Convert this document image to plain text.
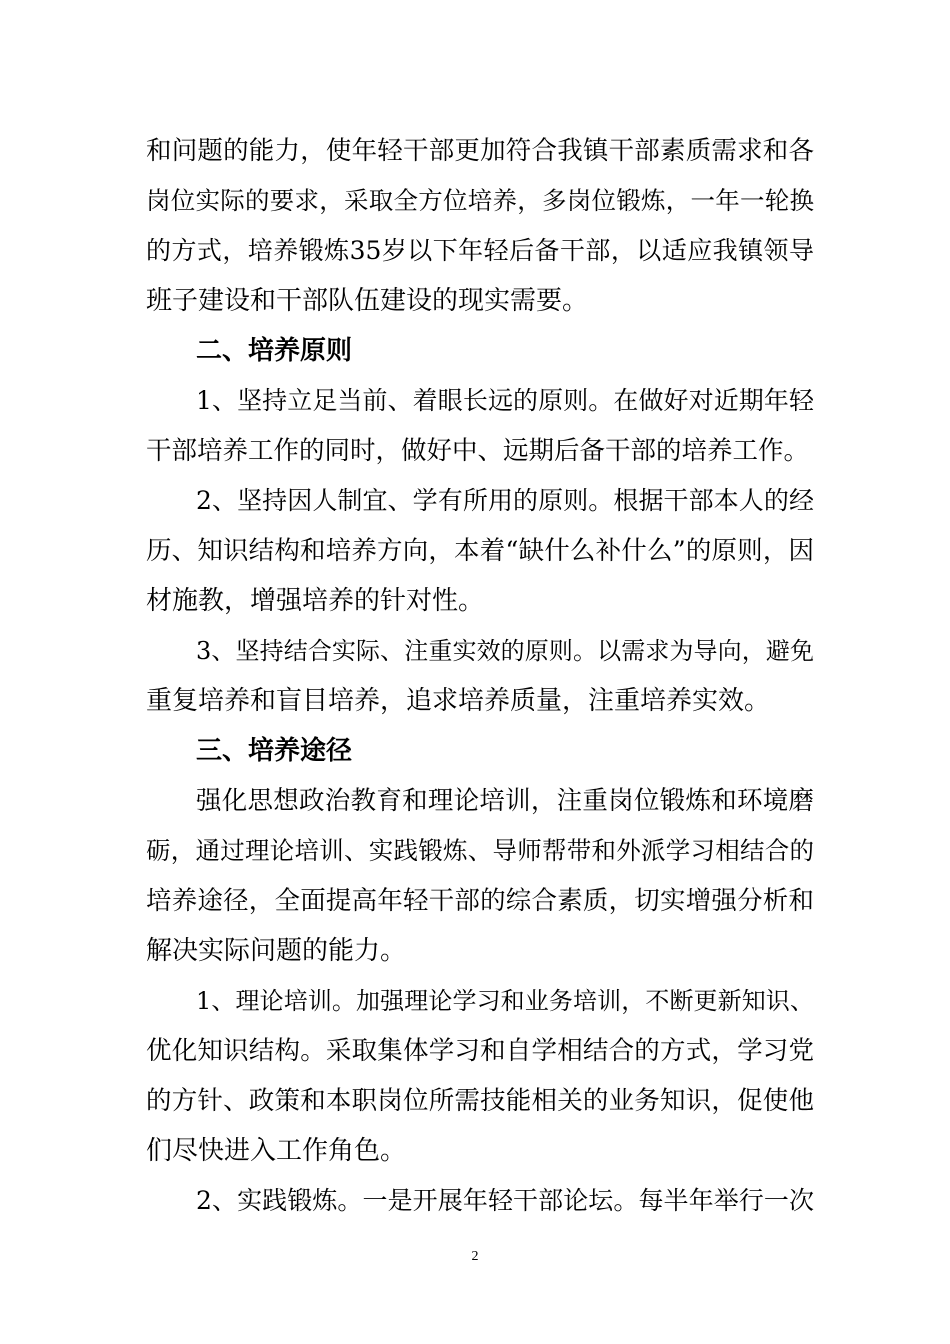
和问题的能力，使年轻干部更加符合我镇干部素质需求和各
岗位实际的要求，采取全方位培养，多岗位锻炼，一年一轮换
的方式，培养锻炼35岁以下年轻后备干部，以适应我镇领导
班子建设和干部队伍建设的现实需要。
二、培养原则
1、坚持立足当前、着眼长远的原则。在做好对近期年轻
干部培养工作的同时，做好中、远期后备干部的培养工作。
2、坚持因人制宜、学有所用的原则。根据干部本人的经
历、知识结构和培养方向，本着“缺什么补什么”的原则，因
材施教，增强培养的针对性。
3、坚持结合实际、注重实效的原则。以需求为导向，避免
重复培养和盲目培养，追求培养质量，注重培养实效。
三、培养途径
强化思想政治教育和理论培训，注重岗位锻炼和环境磨
砺，通过理论培训、实践锻炼、导师帮带和外派学习相结合的
培养途径，全面提高年轻干部的综合素质，切实增强分析和
解决实际问题的能力。
1、理论培训。加强理论学习和业务培训，不断更新知识、
优化知识结构。采取集体学习和自学相结合的方式，学习党
的方针、政策和本职岗位所需技能相关的业务知识，促使他
们尽快进入工作角色。
2、实践锻炼。一是开展年轻干部论坛。每半年举行一次
2
